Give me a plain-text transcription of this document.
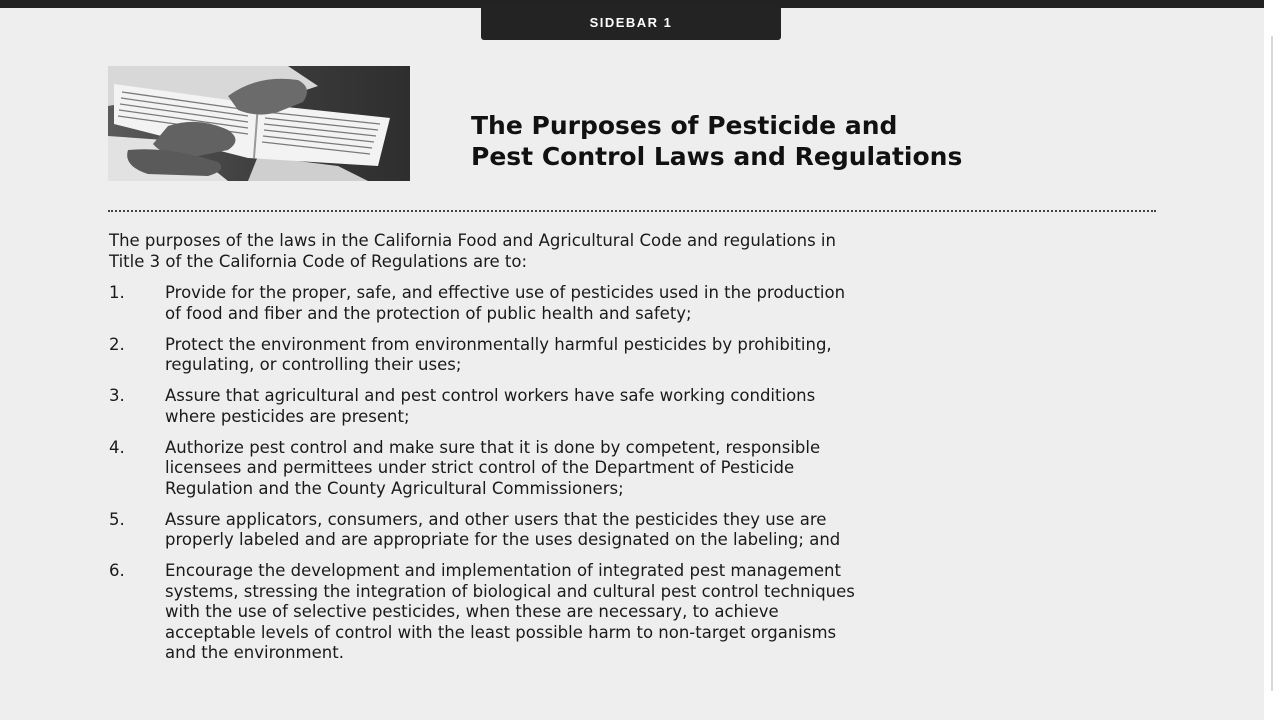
SIDEBAR 1
The Purposes of Pesticide and
Pest Control Laws and Regulations

The purposes of the laws in the California Food and Agricultural Code and regulations in
Title 3 of the California Code of Regulations are to:

1.	Provide for the proper, safe, and effective use of pesticides used in the production
of food and fiber and the protection of public health and safety;
2.	Protect the environment from environmentally harmful pesticides by prohibiting,
regulating, or controlling their uses;
3.	Assure that agricultural and pest control workers have safe working conditions
where pesticides are present;
4.	Authorize pest control and make sure that it is done by competent, responsible
licensees and permittees under strict control of the Department of Pesticide
Regulation and the County Agricultural Commissioners;
5.	Assure applicators, consumers, and other users that the pesticides they use are
properly labeled and are appropriate for the uses designated on the labeling; and
6.	Encourage the development and implementation of integrated pest management
systems, stressing the integration of biological and cultural pest control techniques
with the use of selective pesticides, when these are necessary, to achieve
acceptable levels of control with the least possible harm to non-target organisms
and the environment.
